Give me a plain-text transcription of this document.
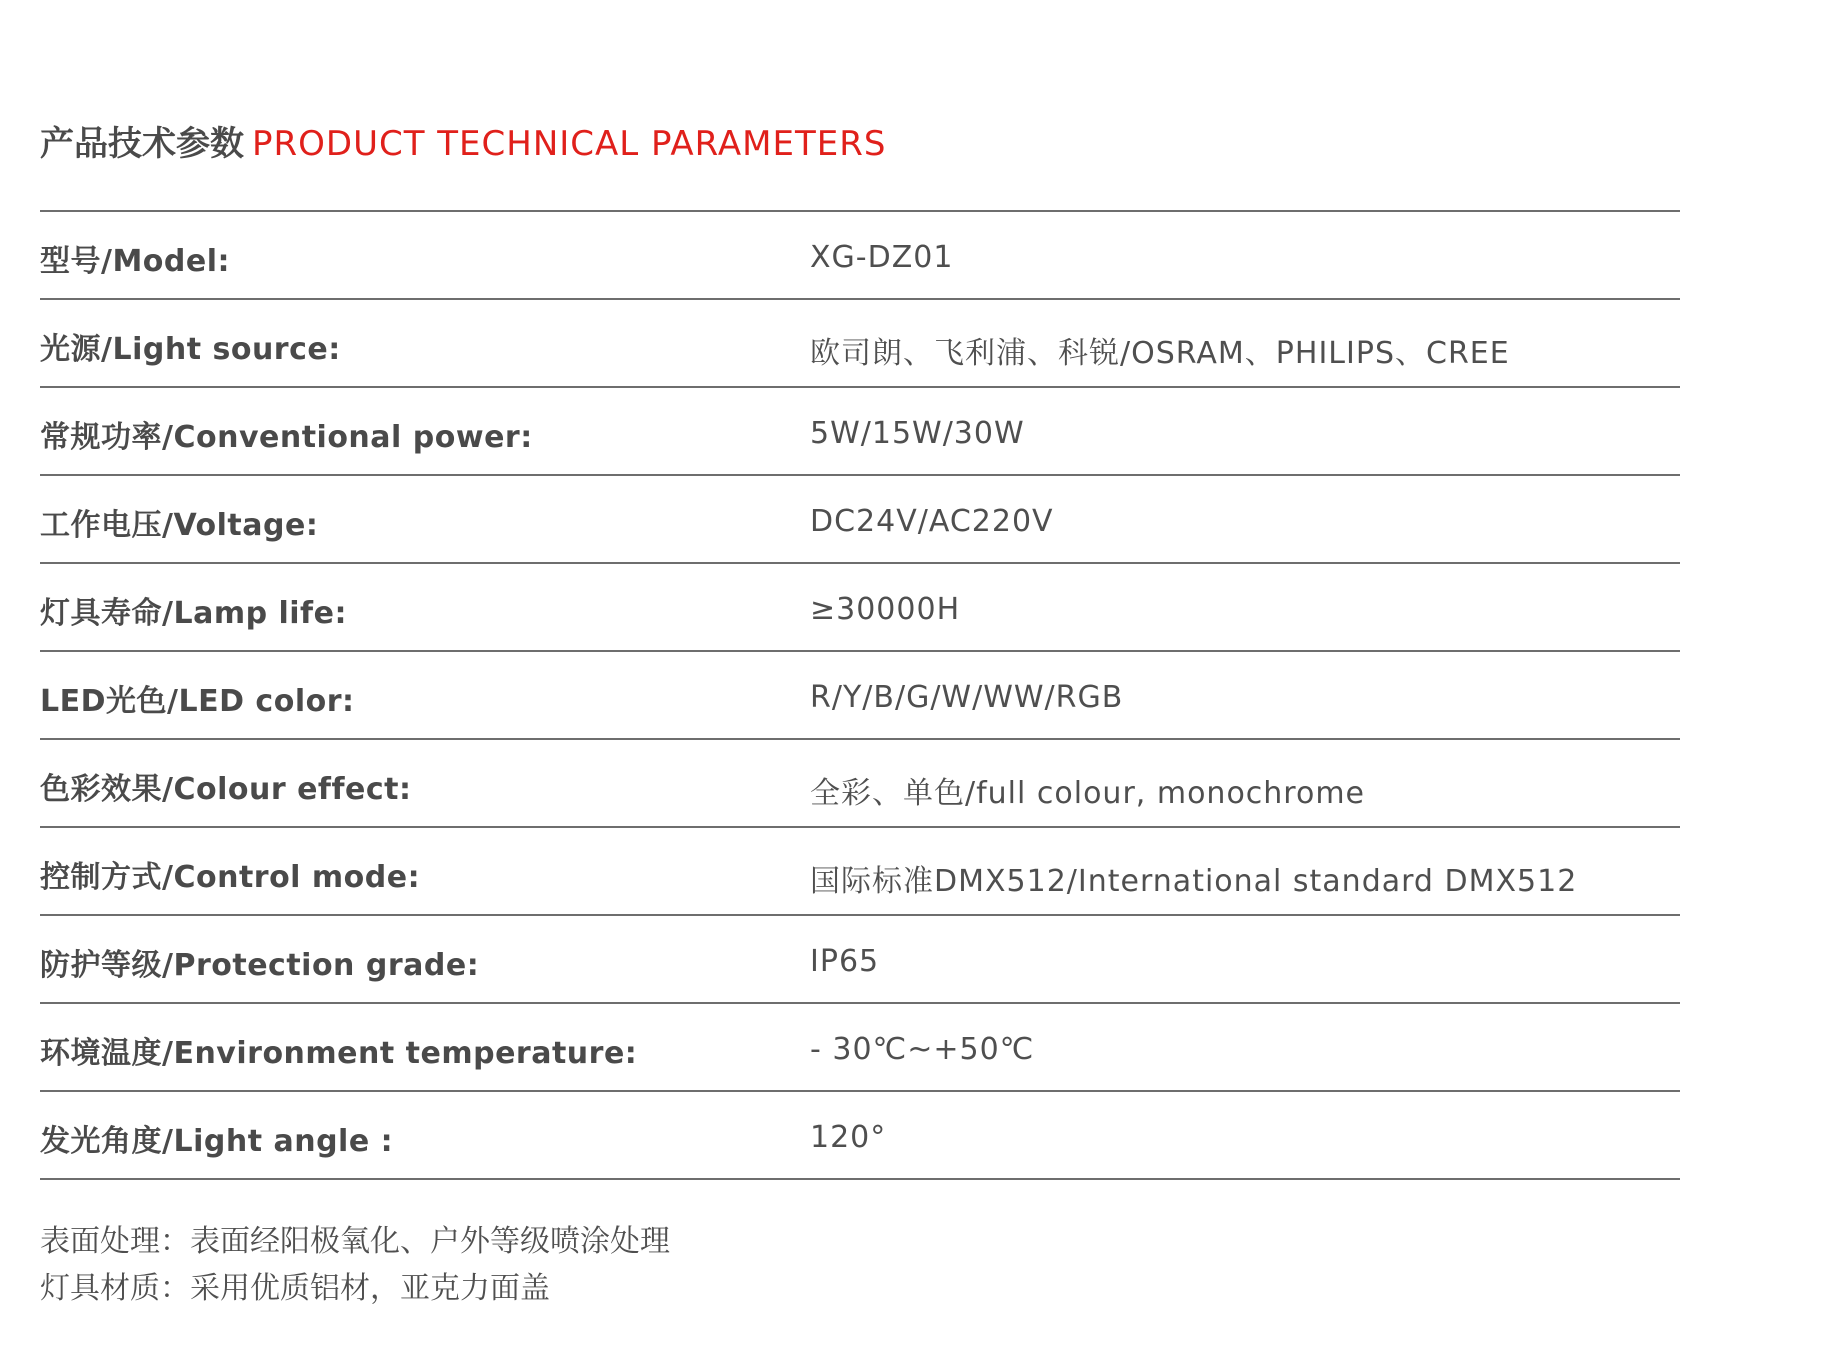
产品技术参数 PRODUCT TECHNICAL PARAMETERS
型号/Model:	XG-DZ01
光源/Light source:	欧司朗、飞利浦、科锐/OSRAM、PHILIPS、CREE
常规功率/Conventional power:	5W/15W/30W
工作电压/Voltage:	DC24V/AC220V
灯具寿命/Lamp life:	≥30000H
LED光色/LED color:	R/Y/B/G/W/WW/RGB
色彩效果/Colour effect:	全彩、单色/full colour, monochrome
控制方式/Control mode:	国际标准DMX512/International standard DMX512
防护等级/Protection grade:	IP65
环境温度/Environment temperature:	- 30℃~+50℃
发光角度/Light angle :	120°
表面处理：表面经阳极氧化、户外等级喷涂处理
灯具材质：采用优质铝材，亚克力面盖
